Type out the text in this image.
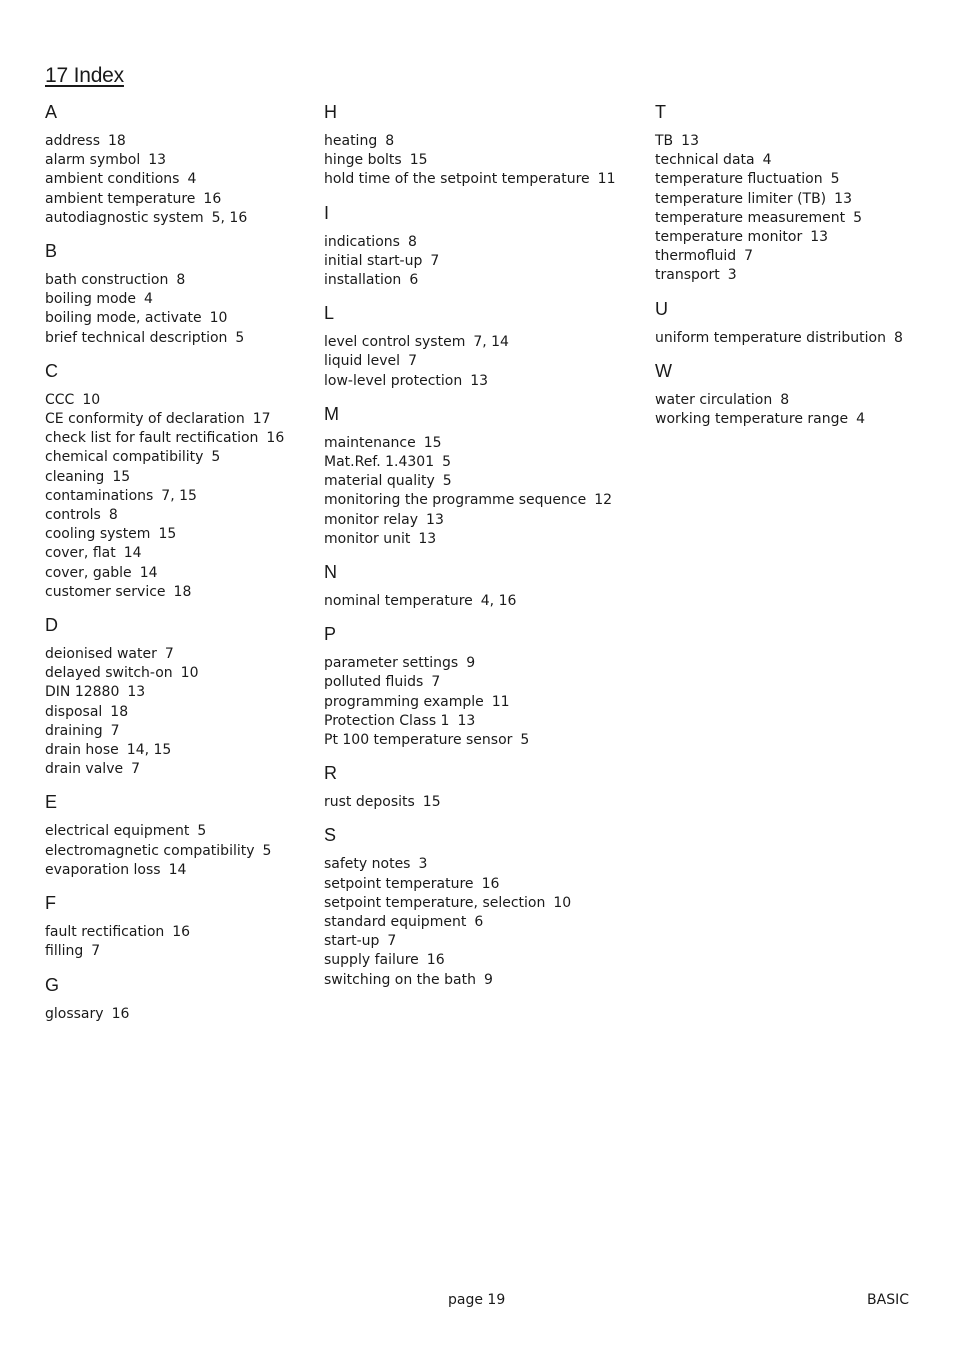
17 Index
A
address 18
alarm symbol 13
ambient conditions 4
ambient temperature 16
autodiagnostic system 5, 16
B
bath construction 8
boiling mode 4
boiling mode, activate 10
brief technical description 5
C
CCC 10
CE conformity of declaration 17
check list for fault rectification 16
chemical compatibility 5
cleaning 15
contaminations 7, 15
controls 8
cooling system 15
cover, flat 14
cover, gable 14
customer service 18
D
deionised water 7
delayed switch-on 10
DIN 12880 13
disposal 18
draining 7
drain hose 14, 15
drain valve 7
E
electrical equipment 5
electromagnetic compatibility 5
evaporation loss 14
F
fault rectification 16
filling 7
G
glossary 16
H
heating 8
hinge bolts 15
hold time of the setpoint temperature 11
I
indications 8
initial start-up 7
installation 6
L
level control system 7, 14
liquid level 7
low-level protection 13
M
maintenance 15
Mat.Ref. 1.4301 5
material quality 5
monitoring the programme sequence 12
monitor relay 13
monitor unit 13
N
nominal temperature 4, 16
P
parameter settings 9
polluted fluids 7
programming example 11
Protection Class 1 13
Pt 100 temperature sensor 5
R
rust deposits 15
S
safety notes 3
setpoint temperature 16
setpoint temperature, selection 10
standard equipment 6
start-up 7
supply failure 16
switching on the bath 9
T
TB 13
technical data 4
temperature fluctuation 5
temperature limiter (TB) 13
temperature measurement 5
temperature monitor 13
thermofluid 7
transport 3
U
uniform temperature distribution 8
W
water circulation 8
working temperature range 4
page 19	BASIC
